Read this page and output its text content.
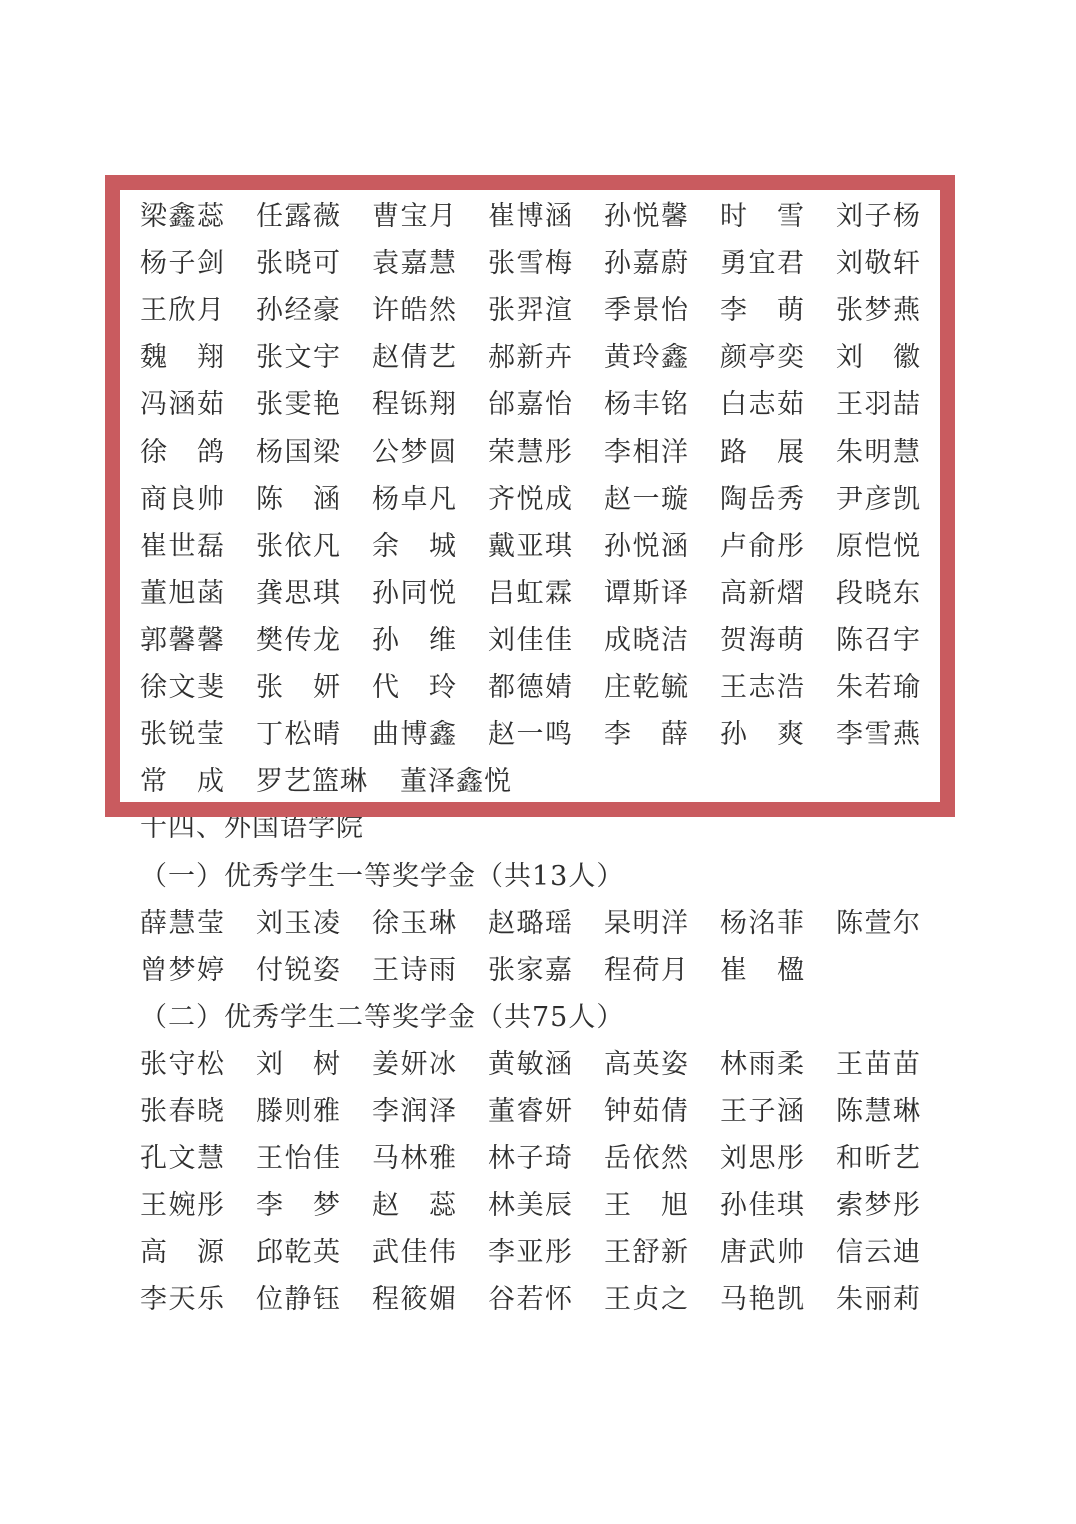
梁鑫蕊 任露薇 曹宝月 崔博涵 孙悦馨 时雪 刘子杨
杨子剑 张晓可 袁嘉慧 张雪梅 孙嘉蔚 勇宜君 刘敬轩
王欣月 孙经豪 许皓然 张羿渲 季景怡 李萌 张梦燕
魏翔 张文宇 赵倩艺 郝新卉 黄玲鑫 颜亭奕 刘徽
冯涵茹 张雯艳 程铄翔 邰嘉怡 杨丰铭 白志茹 王羽喆
徐鸽 杨国梁 公梦圆 荣慧彤 李相洋 路展 朱明慧
商良帅 陈涵 杨卓凡 齐悦成 赵一璇 陶岳秀 尹彦凯
崔世磊 张依凡 余城 戴亚琪 孙悦涵 卢俞彤 原恺悦
董旭菡 龚思琪 孙同悦 吕虹霖 谭斯译 高新熠 段晓东
郭馨馨 樊传龙 孙维 刘佳佳 成晓洁 贺海萌 陈召宇
徐文斐 张妍 代玲 都德婧 庄乾毓 王志浩 朱若瑜
张锐莹 丁松晴 曲博鑫 赵一鸣 李薛 孙爽 李雪燕
常成 罗艺篮琳 董泽鑫悦
十四、外国语学院
（一）优秀学生一等奖学金（共13人）
薛慧莹 刘玉凌 徐玉琳 赵璐瑶 杲明洋 杨洺菲 陈萱尔
曾梦婷 付锐姿 王诗雨 张家嘉 程荷月 崔楹
（二）优秀学生二等奖学金（共75人）
张守松 刘树 姜妍冰 黄敏涵 高英姿 林雨柔 王苗苗
张春晓 滕则雅 李润泽 董睿妍 钟茹倩 王子涵 陈慧琳
孔文慧 王怡佳 马林雅 林子琦 岳依然 刘思彤 和昕艺
王婉彤 李梦 赵蕊 林美辰 王旭 孙佳琪 索梦彤
高源 邱乾英 武佳伟 李亚彤 王舒新 唐武帅 信云迪
李天乐 位静钰 程筱媚 谷若怀 王贞之 马艳凯 朱丽莉
